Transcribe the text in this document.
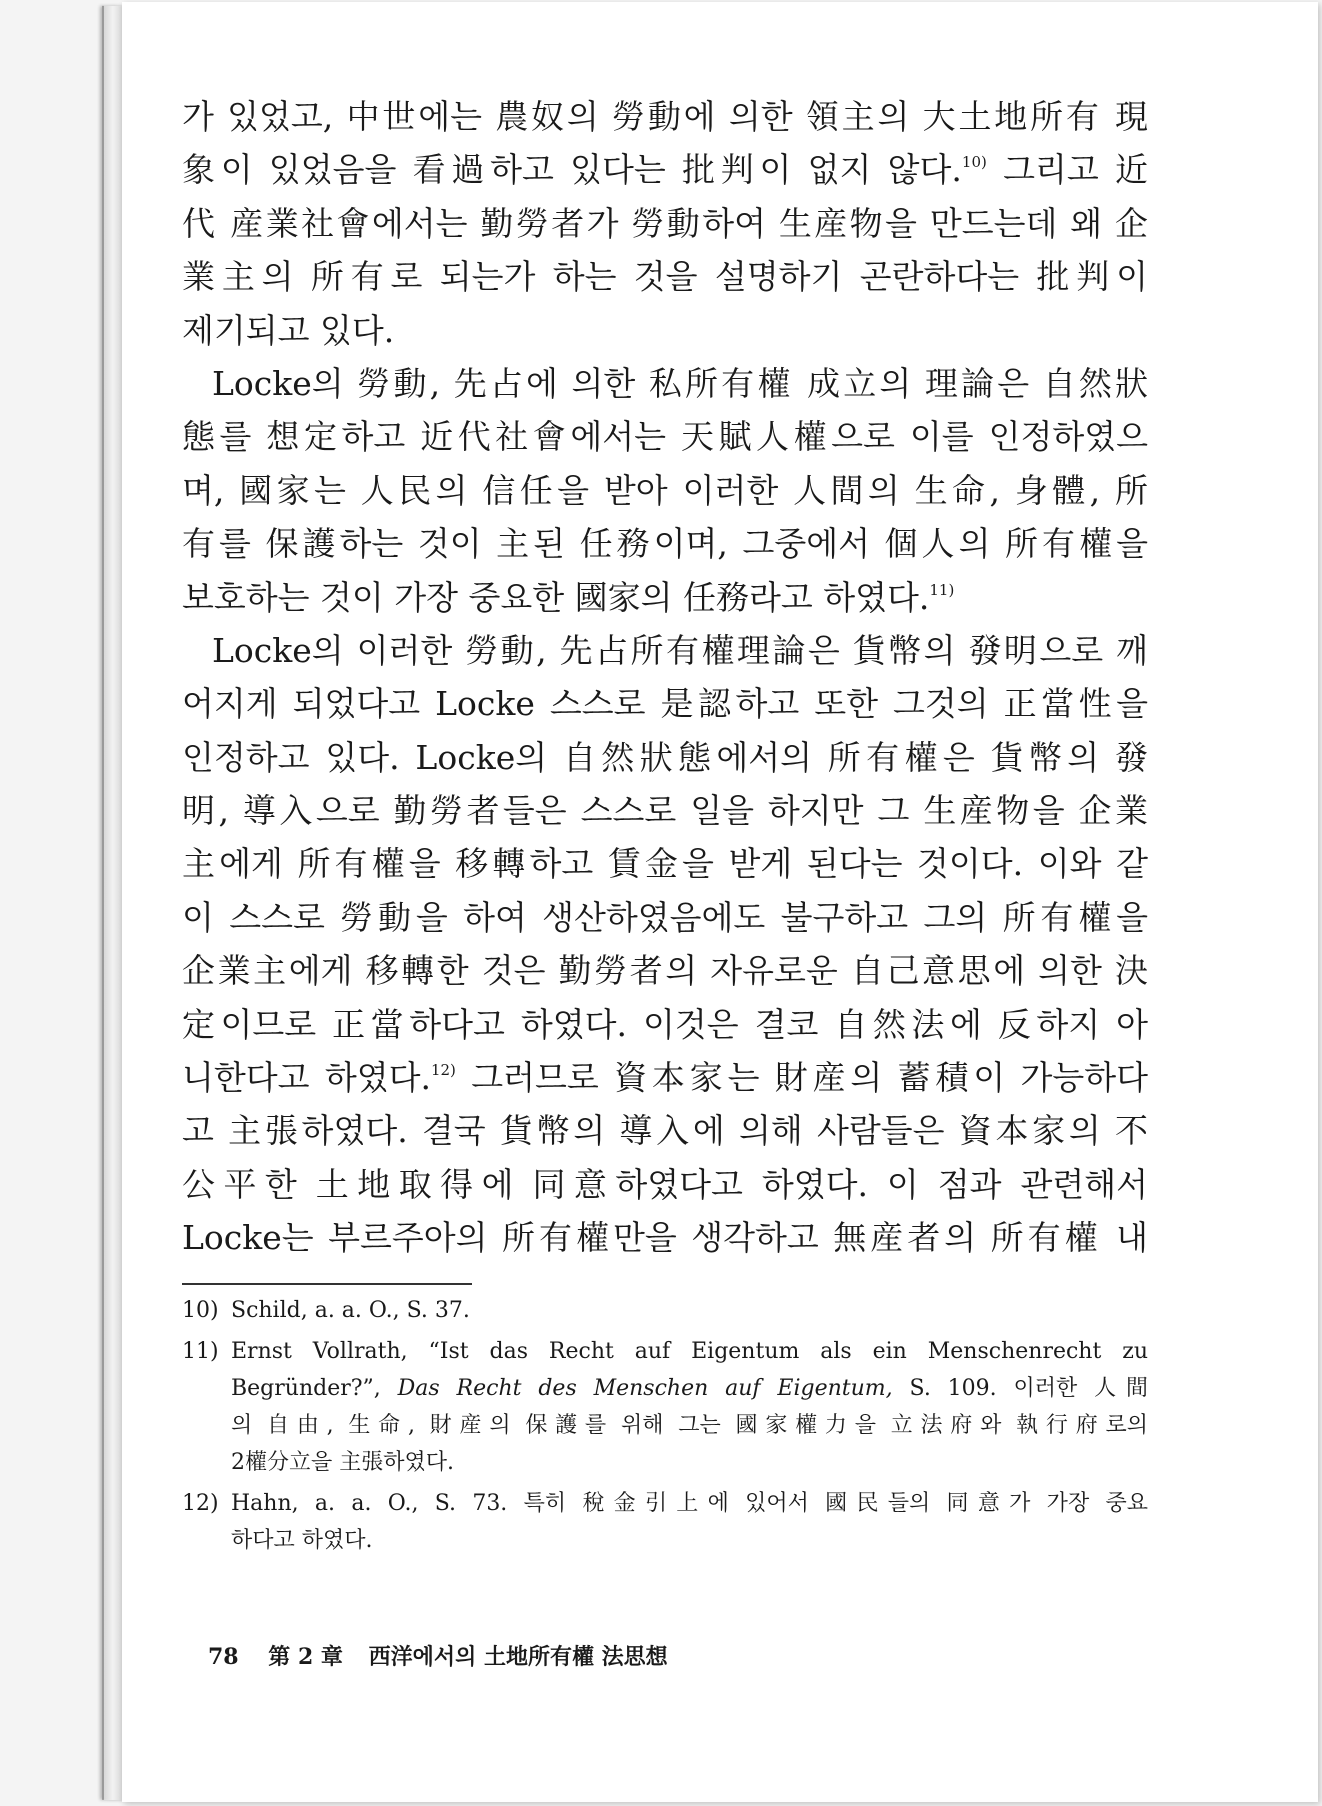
가 있었고, 中世에는 農奴의 勞動에 의한 領主의 大土地所有 現
象이 있었음을 看過하고 있다는 批判이 없지 않다.$^{10)}$ 그리고 近
代 産業社會에서는 勤勞者가 勞動하여 生産物을 만드는데 왜 企
業主의 所有로 되는가 하는 것을 설명하기 곤란하다는 批判이
제기되고 있다.
Locke의 勞動, 先占에 의한 私所有權 成立의 理論은 自然狀
態를 想定하고 近代社會에서는 天賦人權으로 이를 인정하였으
며, 國家는 人民의 信任을 받아 이러한 人間의 生命, 身體, 所
有를 保護하는 것이 主된 任務이며, 그중에서 個人의 所有權을
보호하는 것이 가장 중요한 國家의 任務라고 하였다.$^{11)}$
Locke의 이러한 勞動, 先占所有權理論은 貨幣의 發明으로 깨
어지게 되었다고 Locke 스스로 是認하고 또한 그것의 正當性을
인정하고 있다. Locke의 自然狀態에서의 所有權은 貨幣의 發
明, 導入으로 勤勞者들은 스스로 일을 하지만 그 生産物을 企業
主에게 所有權을 移轉하고 賃金을 받게 된다는 것이다. 이와 같
이 스스로 勞動을 하여 생산하였음에도 불구하고 그의 所有權을
企業主에게 移轉한 것은 勤勞者의 자유로운 自己意思에 의한 決
定이므로 正當하다고 하였다. 이것은 결코 自然法에 反하지 아
니한다고 하였다.$^{12)}$ 그러므로 資本家는 財産의 蓄積이 가능하다
고 主張하였다. 결국 貨幣의 導入에 의해 사람들은 資本家의 不
公平한 土地取得에 同意하였다고 하였다. 이 점과 관련해서
Locke는 부르주아의 所有權만을 생각하고 無産者의 所有權 내
10) Schild, a. a. O., S. 37.
11) Ernst Vollrath, “Ist das Recht auf Eigentum als ein Menschenrecht zu
Begründer?”, Das Recht des Menschen auf Eigentum, S. 109. 이러한 人間
의 自由, 生命, 財産의 保護를 위해 그는 國家權力을 立法府와 執行府로의
2權分立을 主張하였다.
12) Hahn, a. a. O., S. 73. 특히 稅金引上에 있어서 國民들의 同意가 가장 중요
하다고 하였다.
78 第 2 章 西洋에서의 土地所有權 法思想
